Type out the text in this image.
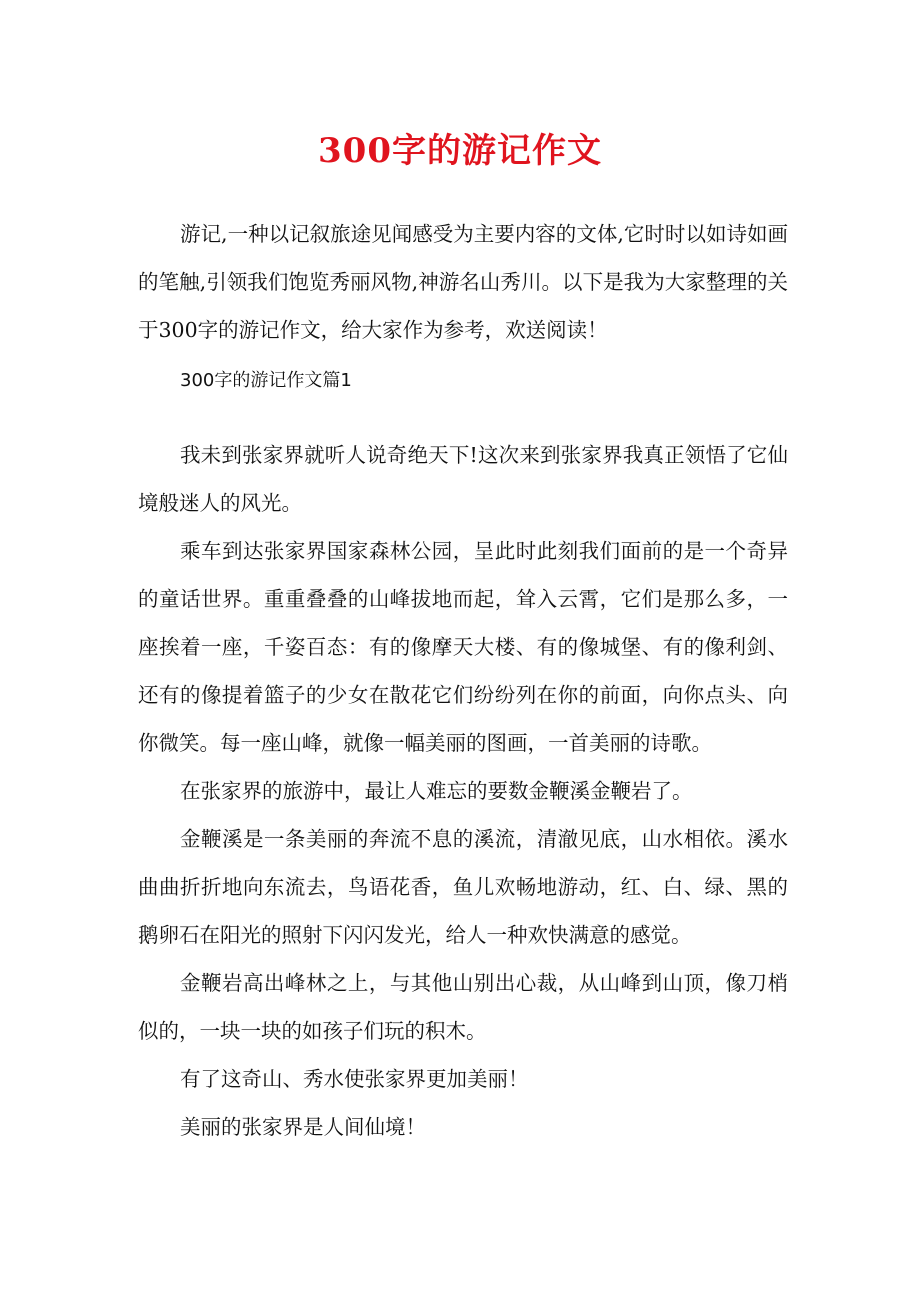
300字的游记作文

游记,一种以记叙旅途见闻感受为主要内容的文体,它时时以如诗如画的笔触,引领我们饱览秀丽风物,神游名山秀川。以下是我为大家整理的关于300字的游记作文，给大家作为参考，欢送阅读！

300字的游记作文篇1

我未到张家界就听人说奇绝天下!这次来到张家界我真正领悟了它仙境般迷人的风光。

乘车到达张家界国家森林公园，呈此时此刻我们面前的是一个奇异的童话世界。重重叠叠的山峰拔地而起，耸入云霄，它们是那么多，一座挨着一座，千姿百态：有的像摩天大楼、有的像城堡、有的像利剑、还有的像提着篮子的少女在散花它们纷纷列在你的前面，向你点头、向你微笑。每一座山峰，就像一幅美丽的图画，一首美丽的诗歌。

在张家界的旅游中，最让人难忘的要数金鞭溪金鞭岩了。

金鞭溪是一条美丽的奔流不息的溪流，清澈见底，山水相依。溪水曲曲折折地向东流去，鸟语花香，鱼儿欢畅地游动，红、白、绿、黑的鹅卵石在阳光的照射下闪闪发光，给人一种欢快满意的感觉。

金鞭岩高出峰林之上，与其他山别出心裁，从山峰到山顶，像刀梢似的，一块一块的如孩子们玩的积木。

有了这奇山、秀水使张家界更加美丽！

美丽的张家界是人间仙境！
